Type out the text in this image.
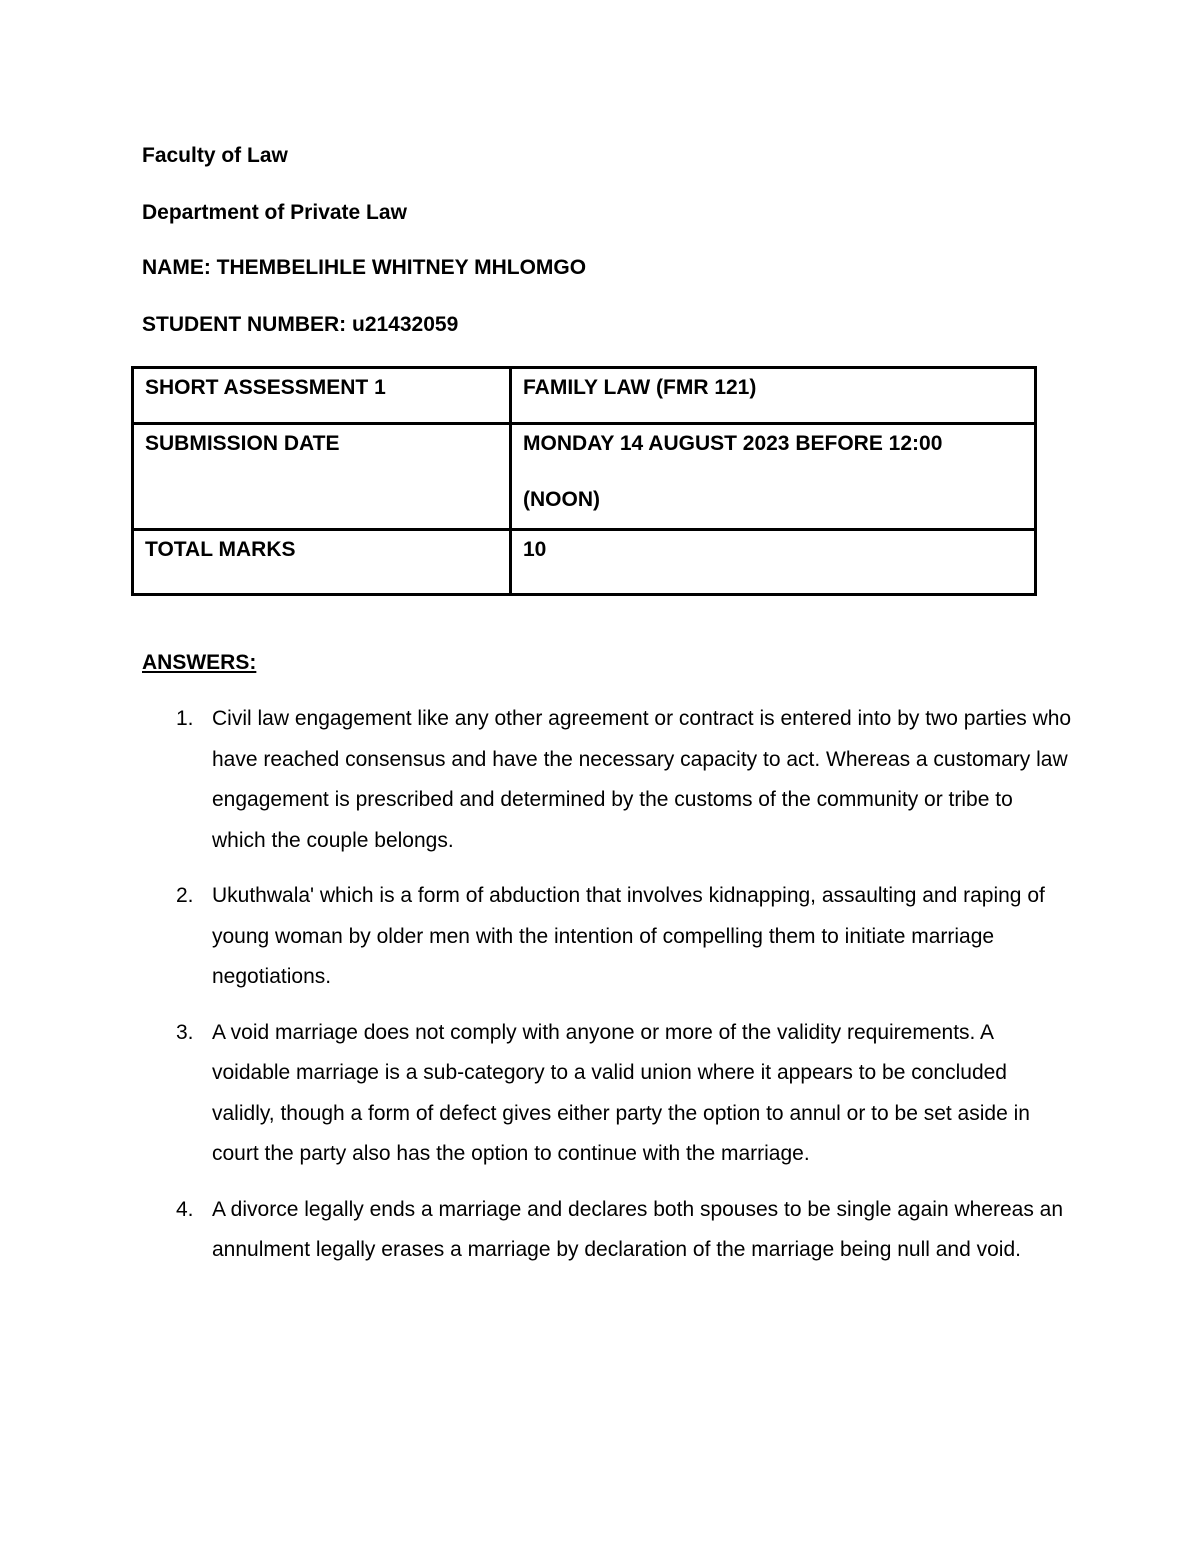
Faculty of Law
Department of Private Law
NAME: THEMBELIHLE WHITNEY MHLOMGO
STUDENT NUMBER: u21432059
SHORT ASSESSMENT 1	FAMILY LAW (FMR 121)
SUBMISSION DATE	MONDAY 14 AUGUST 2023 BEFORE 12:00
(NOON)

TOTAL MARKS	10
ANSWERS:
1. Civil law engagement like any other agreement or contract is entered into by two parties who have reached consensus and have the necessary capacity to act. Whereas a customary law engagement is prescribed and determined by the customs of the community or tribe to which the couple belongs.
2. Ukuthwala' which is a form of abduction that involves kidnapping, assaulting and raping of young woman by older men with the intention of compelling them to initiate marriage negotiations.
3. A void marriage does not comply with anyone or more of the validity requirements. A voidable marriage is a sub-category to a valid union where it appears to be concluded validly, though a form of defect gives either party the option to annul or to be set aside in court the party also has the option to continue with the marriage.
4. A divorce legally ends a marriage and declares both spouses to be single again whereas an annulment legally erases a marriage by declaration of the marriage being null and void.
